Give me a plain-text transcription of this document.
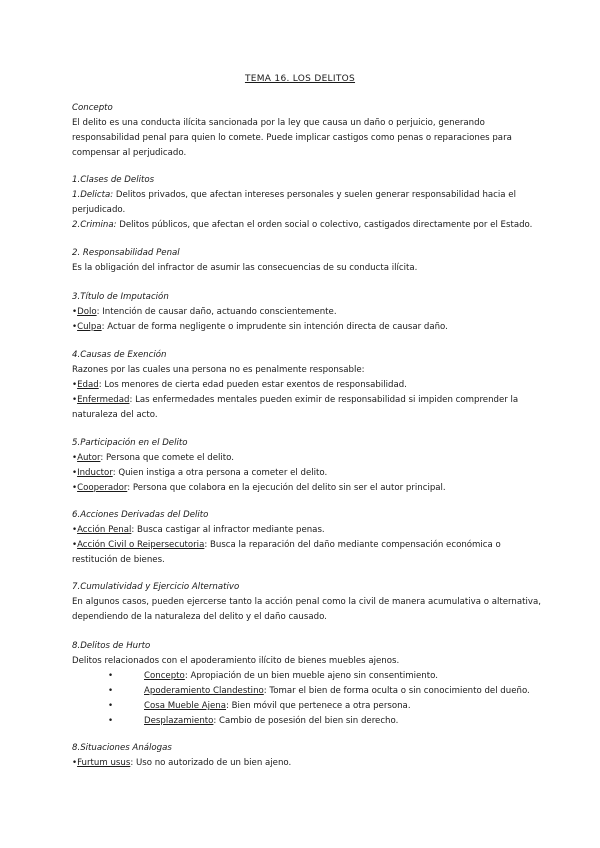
TEMA 16. LOS DELITOS

Concepto

El delito es una conducta ilícita sancionada por la ley que causa un daño o perjuicio, generando responsabilidad penal para quien lo comete. Puede implicar castigos como penas o reparaciones para compensar al perjudicado.

1.Clases de Delitos

1.Delicta: Delitos privados, que afectan intereses personales y suelen generar responsabilidad hacia el perjudicado.

2.Crimina: Delitos públicos, que afectan el orden social o colectivo, castigados directamente por el Estado.

2. Responsabilidad Penal

Es la obligación del infractor de asumir las consecuencias de su conducta ilícita.

3.Título de Imputación

•Dolo: Intención de causar daño, actuando conscientemente.

•Culpa: Actuar de forma negligente o imprudente sin intención directa de causar daño.

4.Causas de Exención

Razones por las cuales una persona no es penalmente responsable:

•Edad: Los menores de cierta edad pueden estar exentos de responsabilidad.

•Enfermedad: Las enfermedades mentales pueden eximir de responsabilidad si impiden comprender la naturaleza del acto.

5.Participación en el Delito

•Autor: Persona que comete el delito.

•Inductor: Quien instiga a otra persona a cometer el delito.

•Cooperador: Persona que colabora en la ejecución del delito sin ser el autor principal.

6.Acciones Derivadas del Delito

•Acción Penal: Busca castigar al infractor mediante penas.

•Acción Civil o Reipersecutoria: Busca la reparación del daño mediante compensación económica o restitución de bienes.

7.Cumulatividad y Ejercicio Alternativo

En algunos casos, pueden ejercerse tanto la acción penal como la civil de manera acumulativa o alternativa, dependiendo de la naturaleza del delito y el daño causado.

8.Delitos de Hurto

Delitos relacionados con el apoderamiento ilícito de bienes muebles ajenos.

•	Concepto: Apropiación de un bien mueble ajeno sin consentimiento.

•	Apoderamiento Clandestino: Tomar el bien de forma oculta o sin conocimiento del dueño.

•	Cosa Mueble Ajena: Bien móvil que pertenece a otra persona.

•	Desplazamiento: Cambio de posesión del bien sin derecho.

8.Situaciones Análogas

•Furtum usus: Uso no autorizado de un bien ajeno.
